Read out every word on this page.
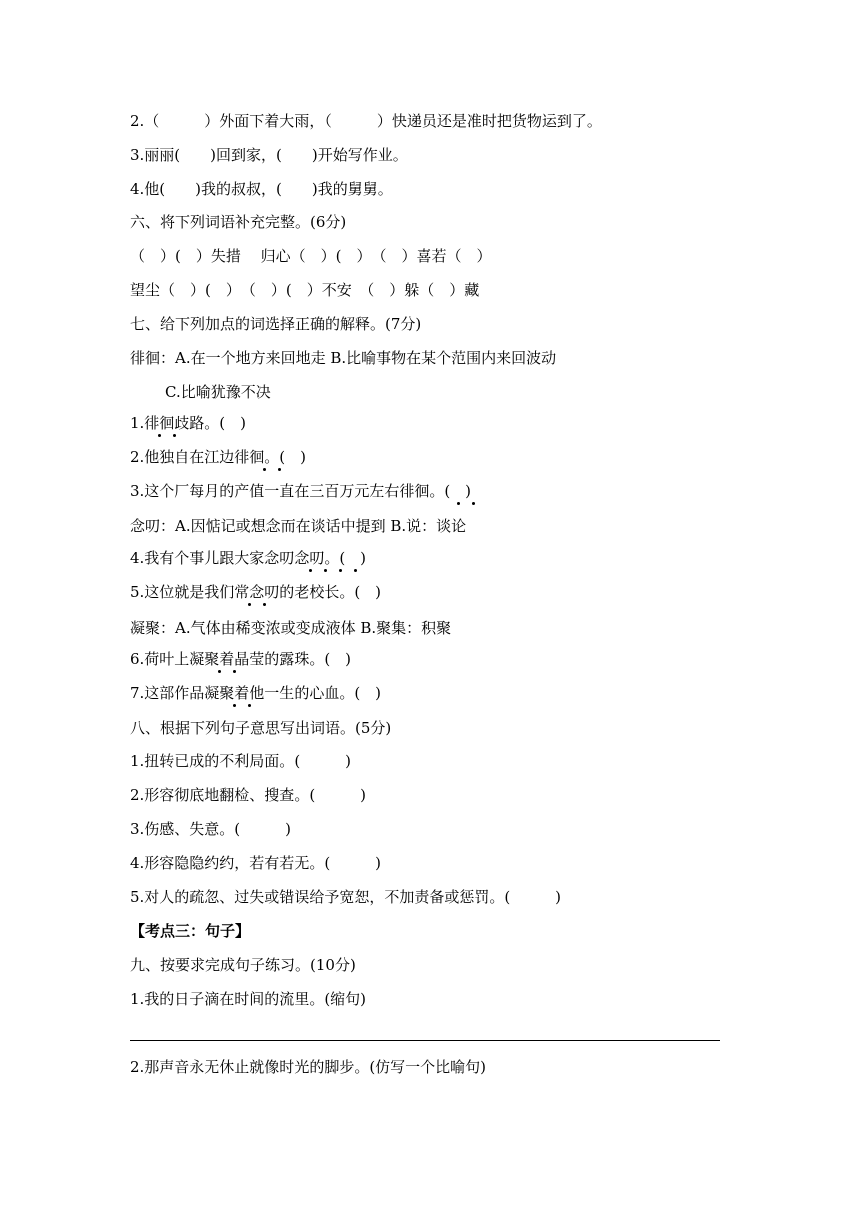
2.（　　　）外面下着大雨，（　　　）快递员还是准时把货物运到了。
3.丽丽(　　)回到家，(　　)开始写作业。
4.他(　　)我的叔叔，(　　)我的舅舅。
六、将下列词语补充完整。(6分)
（　）(　）失措　 归心（　）(　）　（　）喜若（　）
望尘（　）(　）　（　）(　）不安　（　）躲（　）藏
七、给下列加点的词选择正确的解释。(7分)
徘徊：A.在一个地方来回地走 B.比喻事物在某个范围内来回波动
　C.比喻犹豫不决
1.徘徊歧路。(　)
2.他独自在江边徘徊。(　)
3.这个厂每月的产值一直在三百万元左右徘徊。(　)
念叨：A.因惦记或想念而在谈话中提到 B.说：谈论
4.我有个事儿跟大家念叨念叨。(　)
5.这位就是我们常念叨的老校长。(　)
凝聚：A.气体由稀变浓或变成液体 B.聚集：积聚
6.荷叶上凝聚着晶莹的露珠。(　)
7.这部作品凝聚着他一生的心血。(　)
八、根据下列句子意思写出词语。(5分)
1.扭转已成的不利局面。(　　　)
2.形容彻底地翻检、搜查。(　　　)
3.伤感、失意。(　　　)
4.形容隐隐约约，若有若无。(　　　)
5.对人的疏忽、过失或错误给予宽恕，不加责备或惩罚。(　　　)
【考点三：句子】
九、按要求完成句子练习。(10分)
1.我的日子滴在时间的流里。(缩句)
2.那声音永无休止就像时光的脚步。(仿写一个比喻句)
